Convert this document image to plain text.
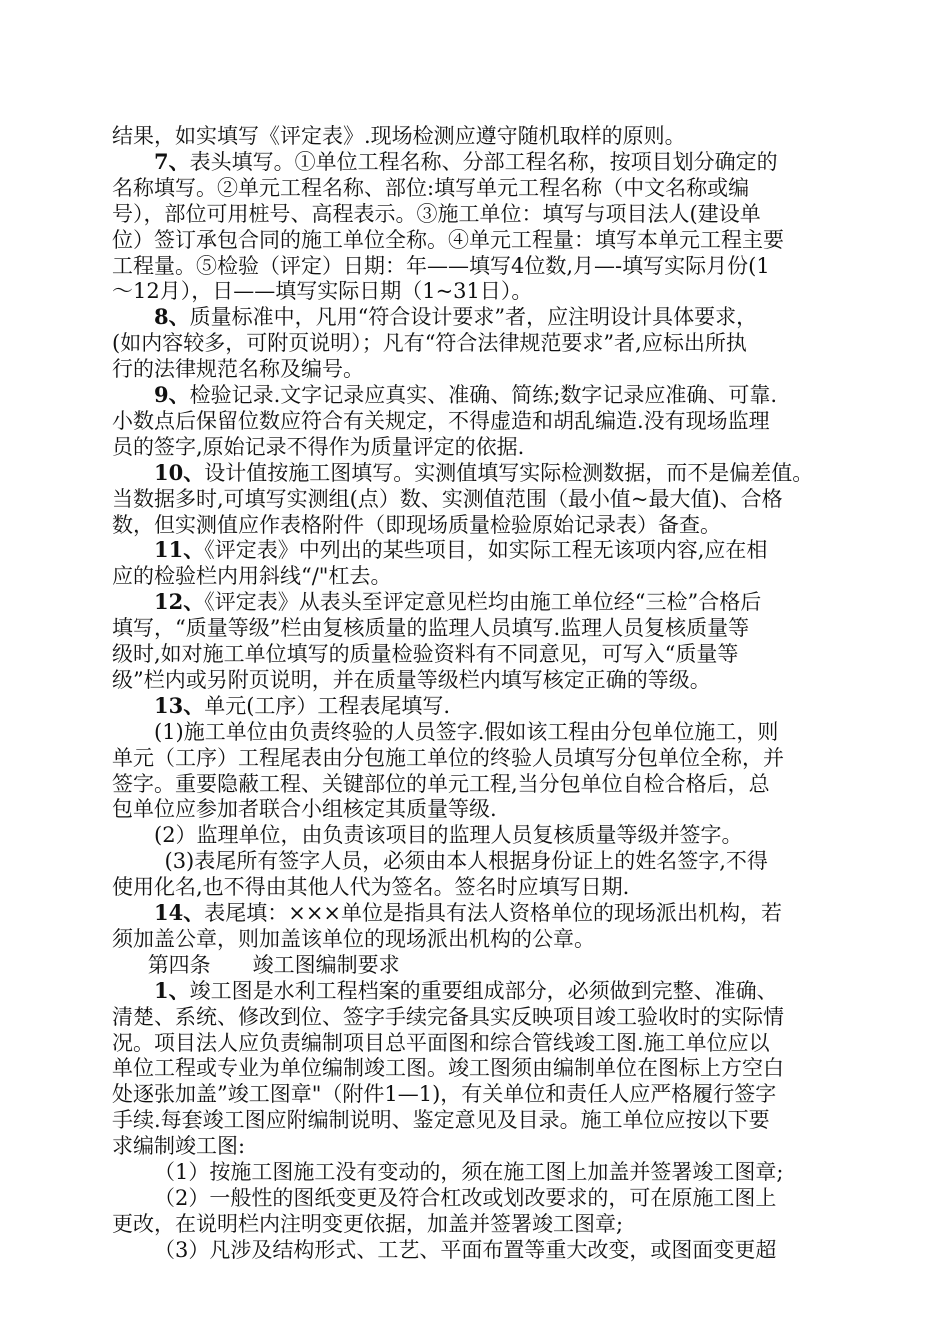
结果，如实填写《评定表》.现场检测应遵守随机取样的原则。
7、表头填写。①单位工程名称、分部工程名称，按项目划分确定的
名称填写。②单元工程名称、部位:填写单元工程名称（中文名称或编
号），部位可用桩号、高程表示。③施工单位：填写与项目法人(建设单
位）签订承包合同的施工单位全称。④单元工程量：填写本单元工程主要
工程量。⑤检验（评定）日期：年——填写4位数,月—-填写实际月份(1
～12月），日——填写实际日期（1~31日）。
8、质量标准中，凡用“符合设计要求”者，应注明设计具体要求，
(如内容较多，可附页说明）；凡有“符合法律规范要求”者,应标出所执
行的法律规范名称及编号。
9、检验记录.文字记录应真实、准确、简练;数字记录应准确、可靠.
小数点后保留位数应符合有关规定，不得虚造和胡乱编造.没有现场监理
员的签字,原始记录不得作为质量评定的依据.
10、设计值按施工图填写。实测值填写实际检测数据，而不是偏差值。
当数据多时,可填写实测组(点）数、实测值范围（最小值~最大值)、合格
数，但实测值应作表格附件（即现场质量检验原始记录表）备查。
11、《评定表》中列出的某些项目，如实际工程无该项内容,应在相
应的检验栏内用斜线“/"杠去。
12、《评定表》从表头至评定意见栏均由施工单位经“三检”合格后
填写，“质量等级”栏由复核质量的监理人员填写.监理人员复核质量等
级时,如对施工单位填写的质量检验资料有不同意见，可写入“质量等
级”栏内或另附页说明，并在质量等级栏内填写核定正确的等级。
13、单元(工序）工程表尾填写.
(1)施工单位由负责终验的人员签字.假如该工程由分包单位施工，则
单元（工序）工程尾表由分包施工单位的终验人员填写分包单位全称，并
签字。重要隐蔽工程、关键部位的单元工程,当分包单位自检合格后，总
包单位应参加者联合小组核定其质量等级.
(2）监理单位，由负责该项目的监理人员复核质量等级并签字。
(3)表尾所有签字人员，必须由本人根据身份证上的姓名签字,不得
使用化名,也不得由其他人代为签名。签名时应填写日期.
14、表尾填：×××单位是指具有法人资格单位的现场派出机构，若
须加盖公章，则加盖该单位的现场派出机构的公章。
第四条　　竣工图编制要求
1、竣工图是水利工程档案的重要组成部分，必须做到完整、准确、
清楚、系统、修改到位、签字手续完备具实反映项目竣工验收时的实际情
况。项目法人应负责编制项目总平面图和综合管线竣工图.施工单位应以
单位工程或专业为单位编制竣工图。竣工图须由编制单位在图标上方空白
处逐张加盖”竣工图章"（附件1—1)，有关单位和责任人应严格履行签字
手续.每套竣工图应附编制说明、鉴定意见及目录。施工单位应按以下要
求编制竣工图:
（1）按施工图施工没有变动的，须在施工图上加盖并签署竣工图章;
（2）一般性的图纸变更及符合杠改或划改要求的，可在原施工图上
更改，在说明栏内注明变更依据，加盖并签署竣工图章;
（3）凡涉及结构形式、工艺、平面布置等重大改变，或图面变更超
